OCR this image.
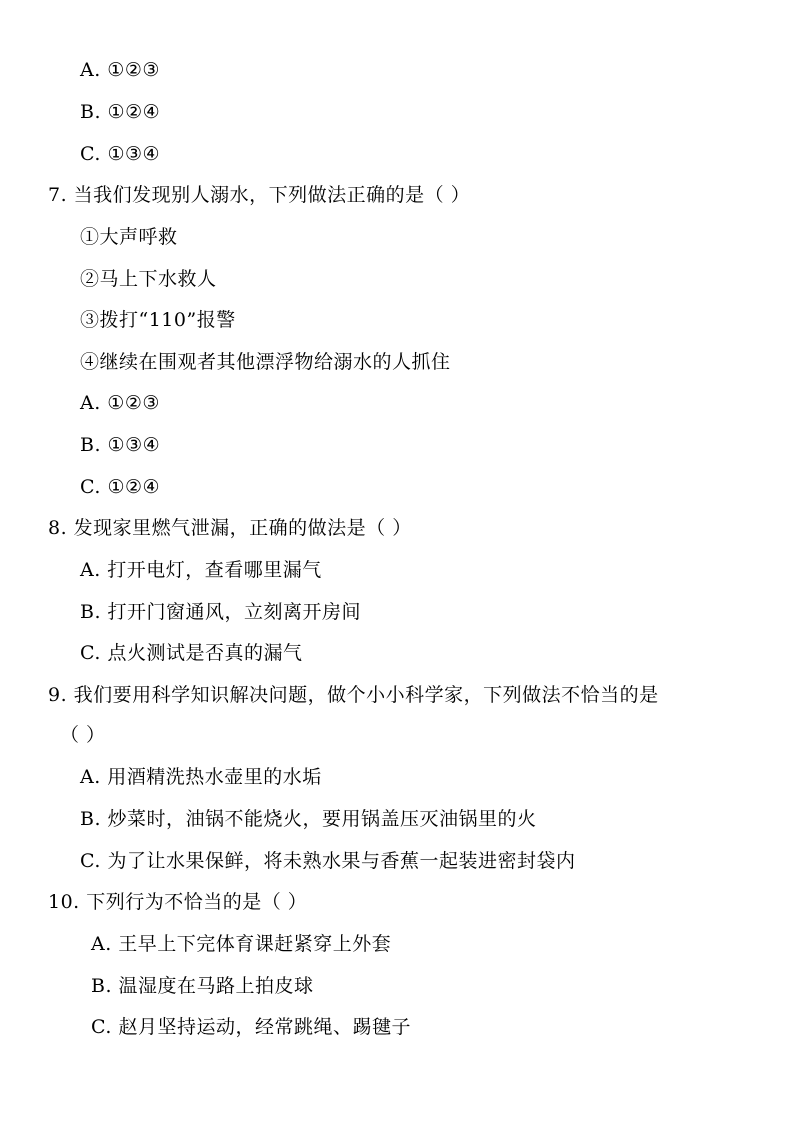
A. ①②③
B. ①②④
C. ①③④
7. 当我们发现别人溺水，下列做法正确的是（ ）
①大声呼救
②马上下水救人
③拨打“110”报警
④继续在围观者其他漂浮物给溺水的人抓住
A. ①②③
B. ①③④
C. ①②④
8. 发现家里燃气泄漏，正确的做法是（ ）
A. 打开电灯，查看哪里漏气
B. 打开门窗通风，立刻离开房间
C. 点火测试是否真的漏气
9. 我们要用科学知识解决问题，做个小小科学家，下列做法不恰当的是
（ ）
A. 用酒精洗热水壶里的水垢
B. 炒菜时，油锅不能烧火，要用锅盖压灭油锅里的火
C. 为了让水果保鲜，将未熟水果与香蕉一起装进密封袋内
10. 下列行为不恰当的是（ ）
A. 王早上下完体育课赶紧穿上外套
B. 温湿度在马路上拍皮球
C. 赵月坚持运动，经常跳绳、踢毽子
